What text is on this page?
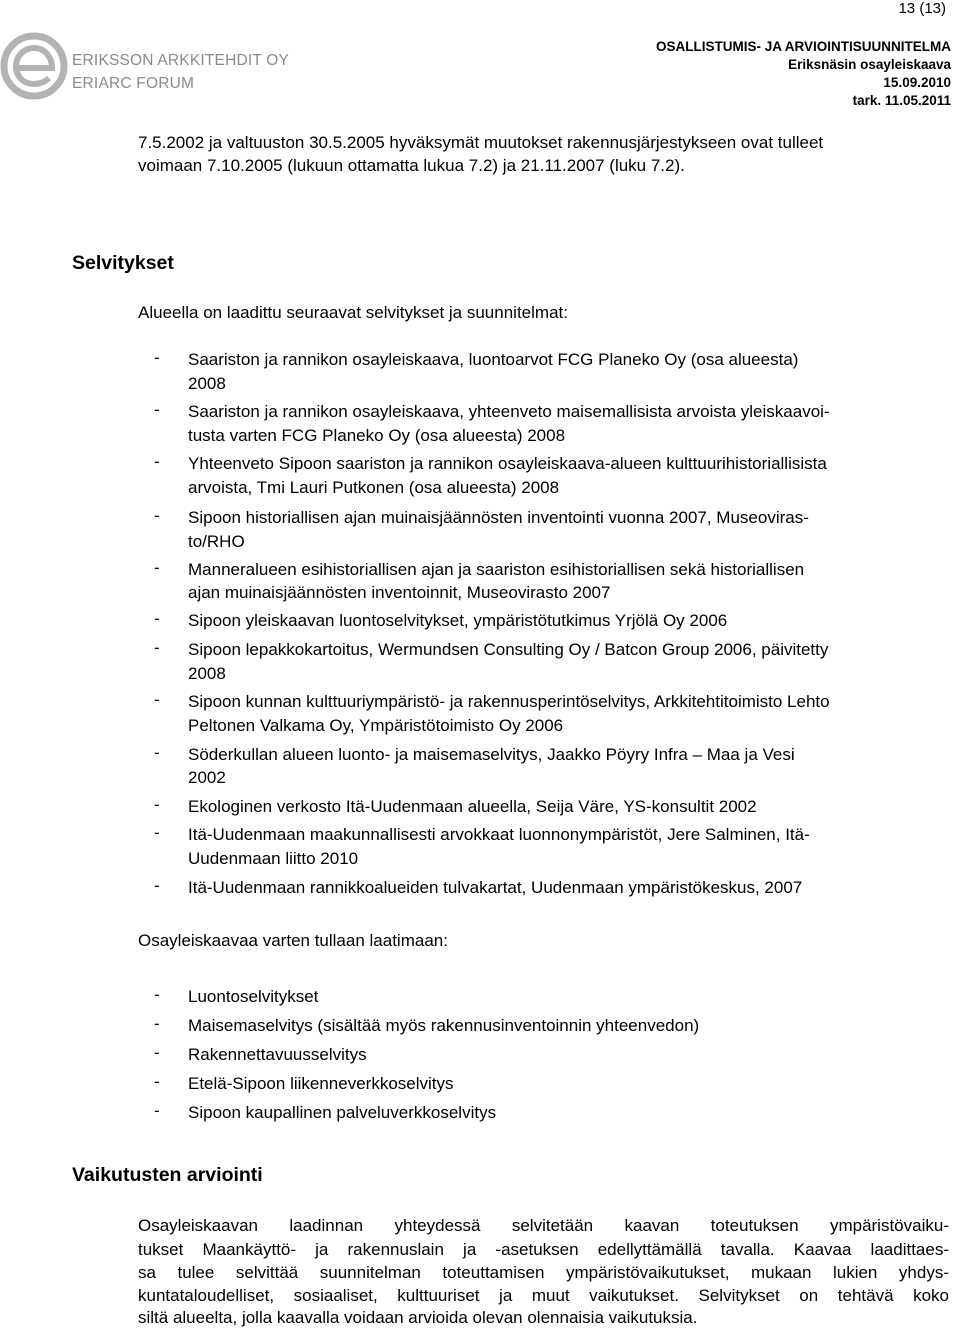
13 (13)
ERIKSSON ARKKITEHDIT OY
ERIARC FORUM
OSALLISTUMIS- JA ARVIOINTISUUNNITELMA
Eriksnäsin osayleiskaava
15.09.2010
tark. 11.05.2011
7.5.2002 ja valtuuston 30.5.2005 hyväksymät muutokset rakennusjärjestykseen ovat tulleet
voimaan 7.10.2005 (lukuun ottamatta lukua 7.2) ja 21.11.2007 (luku 7.2).
Selvitykset
Alueella on laadittu seuraavat selvitykset ja suunnitelmat:
- Saariston ja rannikon osayleiskaava, luontoarvot FCG Planeko Oy (osa alueesta)
2008
- Saariston ja rannikon osayleiskaava, yhteenveto maisemallisista arvoista yleiskaavoi-
tusta varten FCG Planeko Oy (osa alueesta) 2008
- Yhteenveto Sipoon saariston ja rannikon osayleiskaava-alueen kulttuurihistoriallisista
arvoista, Tmi Lauri Putkonen (osa alueesta) 2008
- Sipoon historiallisen ajan muinaisjäännösten inventointi vuonna 2007, Museoviras-
to/RHO
- Manneralueen esihistoriallisen ajan ja saariston esihistoriallisen sekä historiallisen
ajan muinaisjäännösten inventoinnit, Museovirasto 2007
- Sipoon yleiskaavan luontoselvitykset, ympäristötutkimus Yrjölä Oy 2006
- Sipoon lepakkokartoitus, Wermundsen Consulting Oy / Batcon Group 2006, päivitetty
2008
- Sipoon kunnan kulttuuriympäristö- ja rakennusperintöselvitys, Arkkitehtitoimisto Lehto
Peltonen Valkama Oy, Ympäristötoimisto Oy 2006
- Söderkullan alueen luonto- ja maisemaselvitys, Jaakko Pöyry Infra – Maa ja Vesi
2002
- Ekologinen verkosto Itä-Uudenmaan alueella, Seija Väre, YS-konsultit 2002
- Itä-Uudenmaan maakunnallisesti arvokkaat luonnonympäristöt, Jere Salminen, Itä-
Uudenmaan liitto 2010
- Itä-Uudenmaan rannikkoalueiden tulvakartat, Uudenmaan ympäristökeskus, 2007
Osayleiskaavaa varten tullaan laatimaan:
- Luontoselvitykset
- Maisemaselvitys (sisältää myös rakennusinventoinnin yhteenvedon)
- Rakennettavuusselvitys
- Etelä-Sipoon liikenneverkkoselvitys
- Sipoon kaupallinen palveluverkkoselvitys
Vaikutusten arviointi
Osayleiskaavan laadinnan yhteydessä selvitetään kaavan toteutuksen ympäristövaiku-
tukset Maankäyttö- ja rakennuslain ja -asetuksen edellyttämällä tavalla. Kaavaa laadittaes-
sa tulee selvittää suunnitelman toteuttamisen ympäristövaikutukset, mukaan lukien yhdys-
kuntataloudelliset, sosiaaliset, kulttuuriset ja muut vaikutukset. Selvitykset on tehtävä koko
siltä alueelta, jolla kaavalla voidaan arvioida olevan olennaisia vaikutuksia.
